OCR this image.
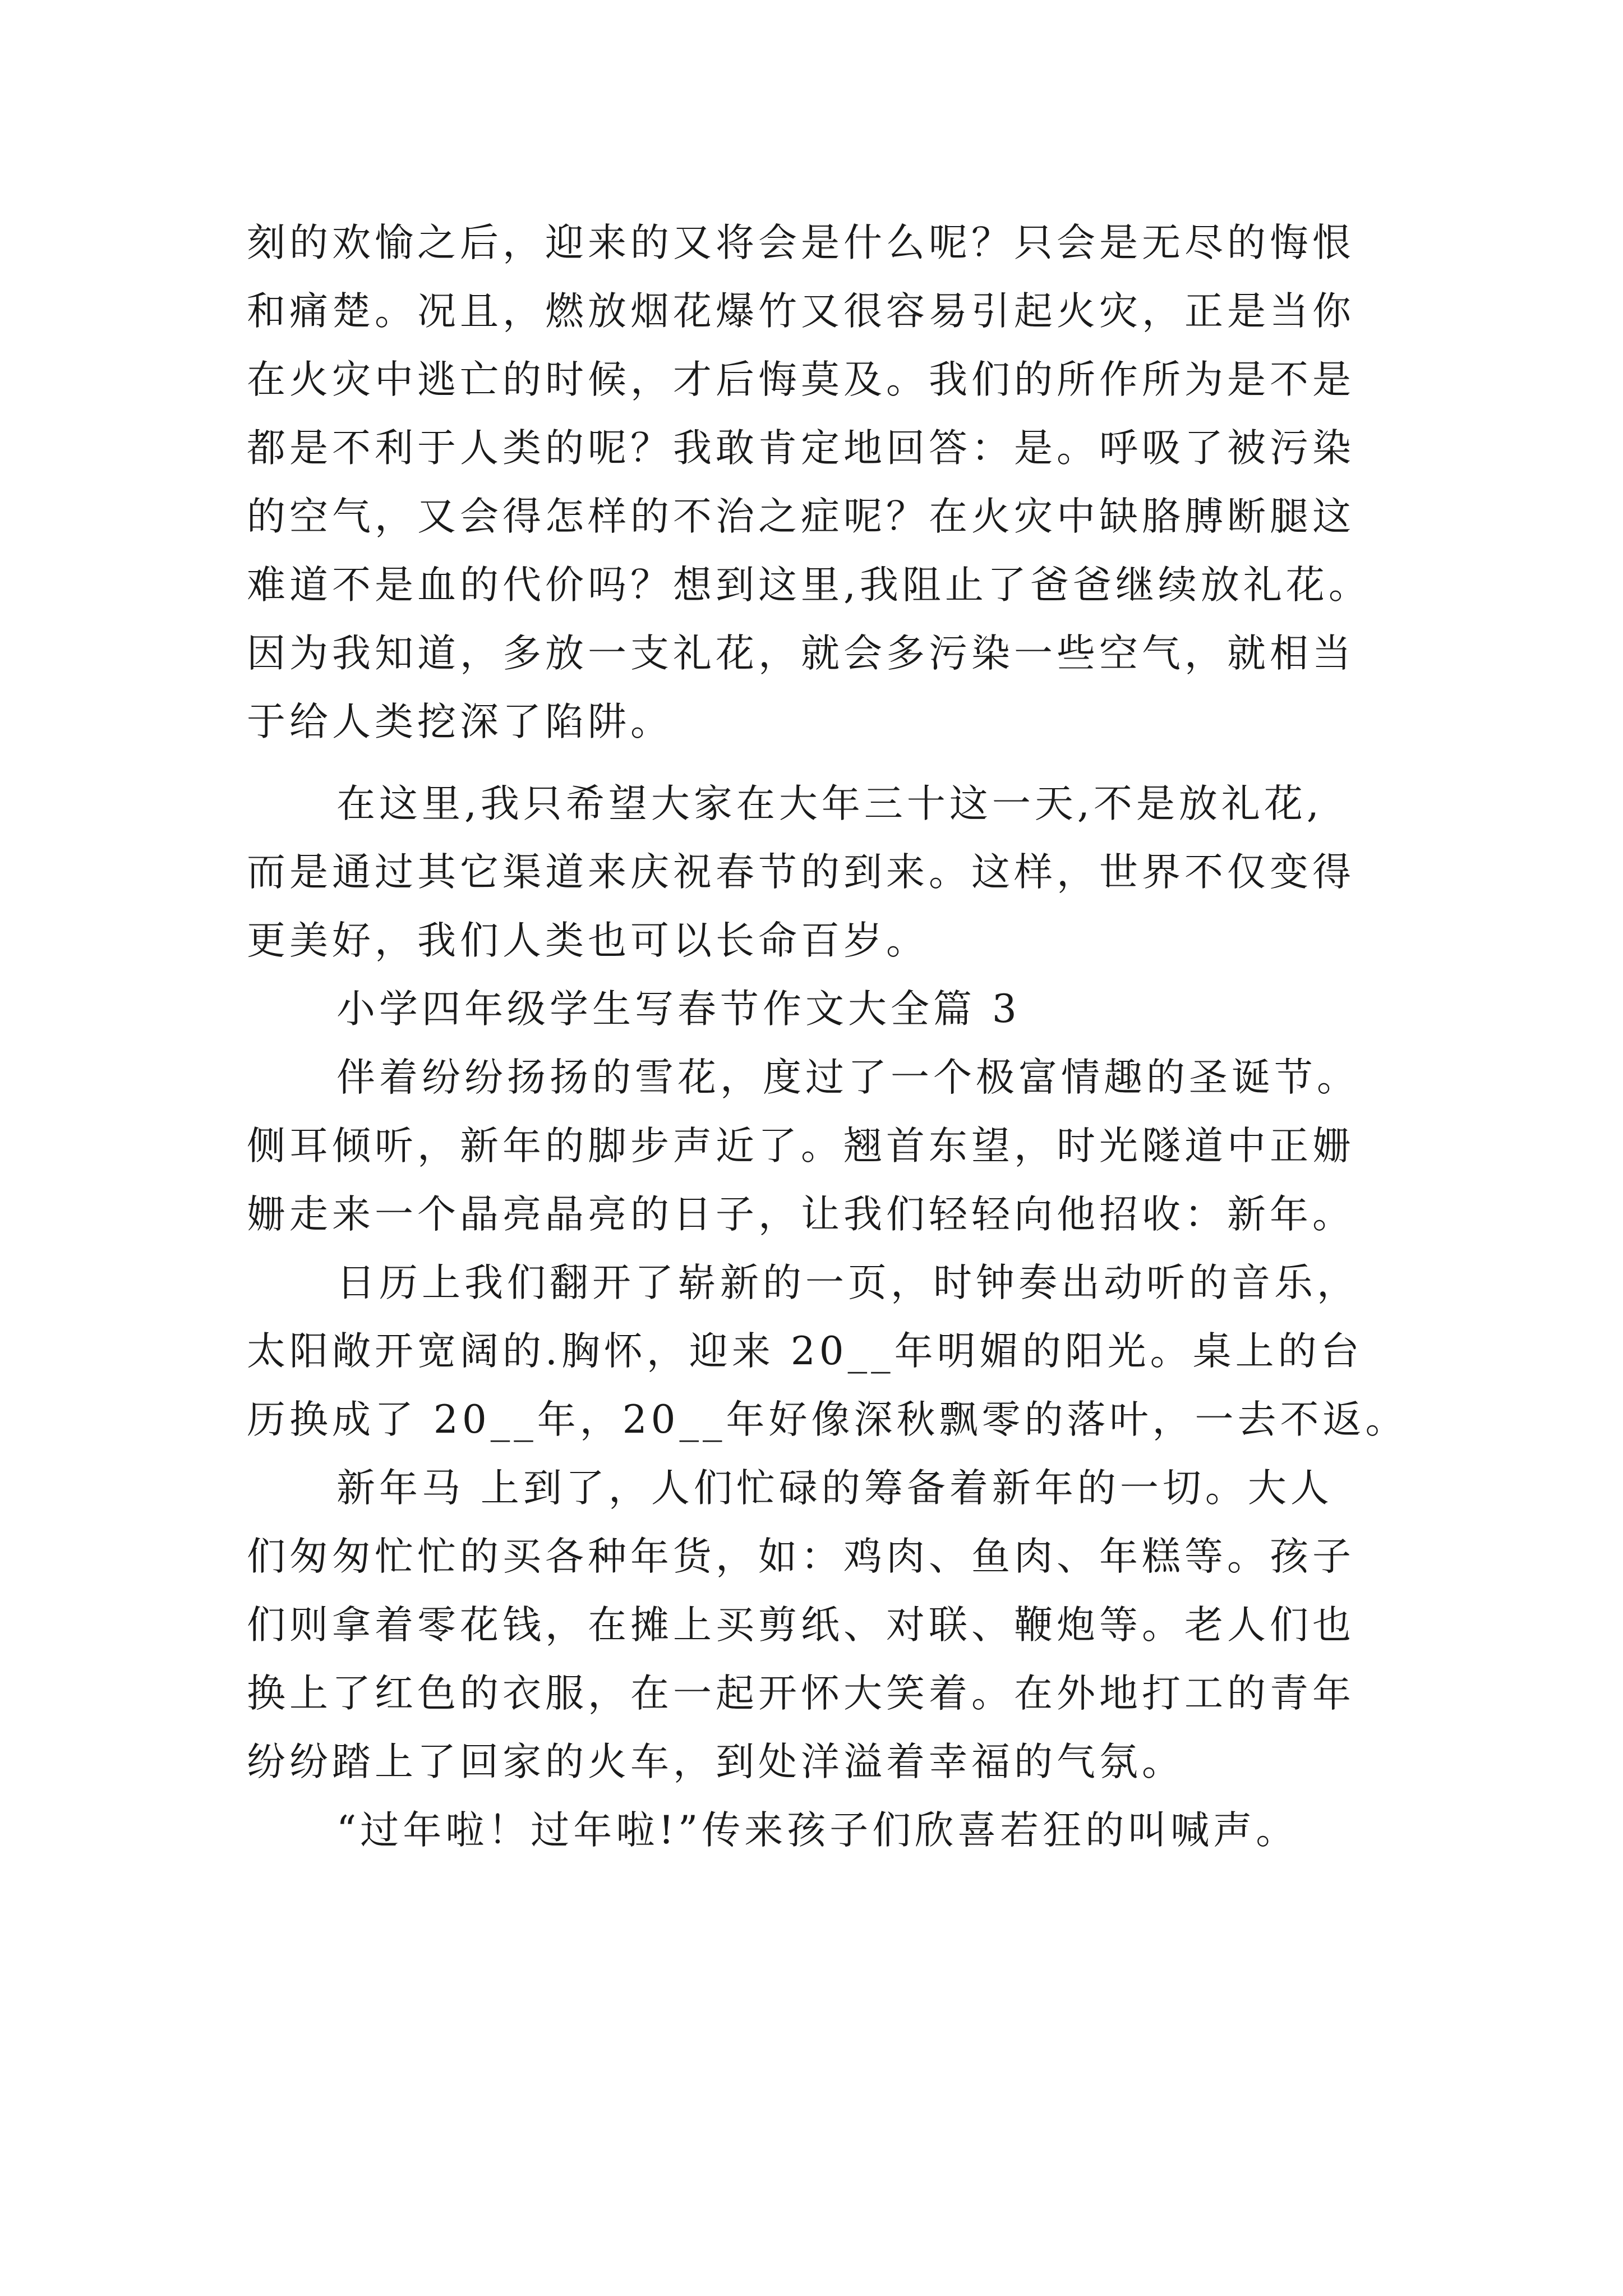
刻的欢愉之后，迎来的又将会是什么呢？只会是无尽的悔恨
和痛楚。况且，燃放烟花爆竹又很容易引起火灾，正是当你
在火灾中逃亡的时候，才后悔莫及。我们的所作所为是不是
都是不利于人类的呢？我敢肯定地回答：是。呼吸了被污染
的空气，又会得怎样的不治之症呢？在火灾中缺胳膊断腿这
难道不是血的代价吗？想到这里,我阻止了爸爸继续放礼花。
因为我知道，多放一支礼花，就会多污染一些空气，就相当
于给人类挖深了陷阱。
在这里,我只希望大家在大年三十这一天,不是放礼花,
而是通过其它渠道来庆祝春节的到来。这样，世界不仅变得
更美好，我们人类也可以长命百岁。
小学四年级学生写春节作文大全篇 3
伴着纷纷扬扬的雪花，度过了一个极富情趣的圣诞节。
侧耳倾听，新年的脚步声近了。翘首东望，时光隧道中正姗
姗走来一个晶亮晶亮的日子，让我们轻轻向他招收：新年。
日历上我们翻开了崭新的一页，时钟奏出动听的音乐，
太阳敞开宽阔的.胸怀，迎来 20__年明媚的阳光。桌上的台
历换成了 20__年，20__年好像深秋飘零的落叶，一去不返。
新年马 上到了，人们忙碌的筹备着新年的一切。大人
们匆匆忙忙的买各种年货，如：鸡肉、鱼肉、年糕等。孩子
们则拿着零花钱，在摊上买剪纸、对联、鞭炮等。老人们也
换上了红色的衣服，在一起开怀大笑着。在外地打工的青年
纷纷踏上了回家的火车，到处洋溢着幸福的气氛。
“过年啦！过年啦!”传来孩子们欣喜若狂的叫喊声。
